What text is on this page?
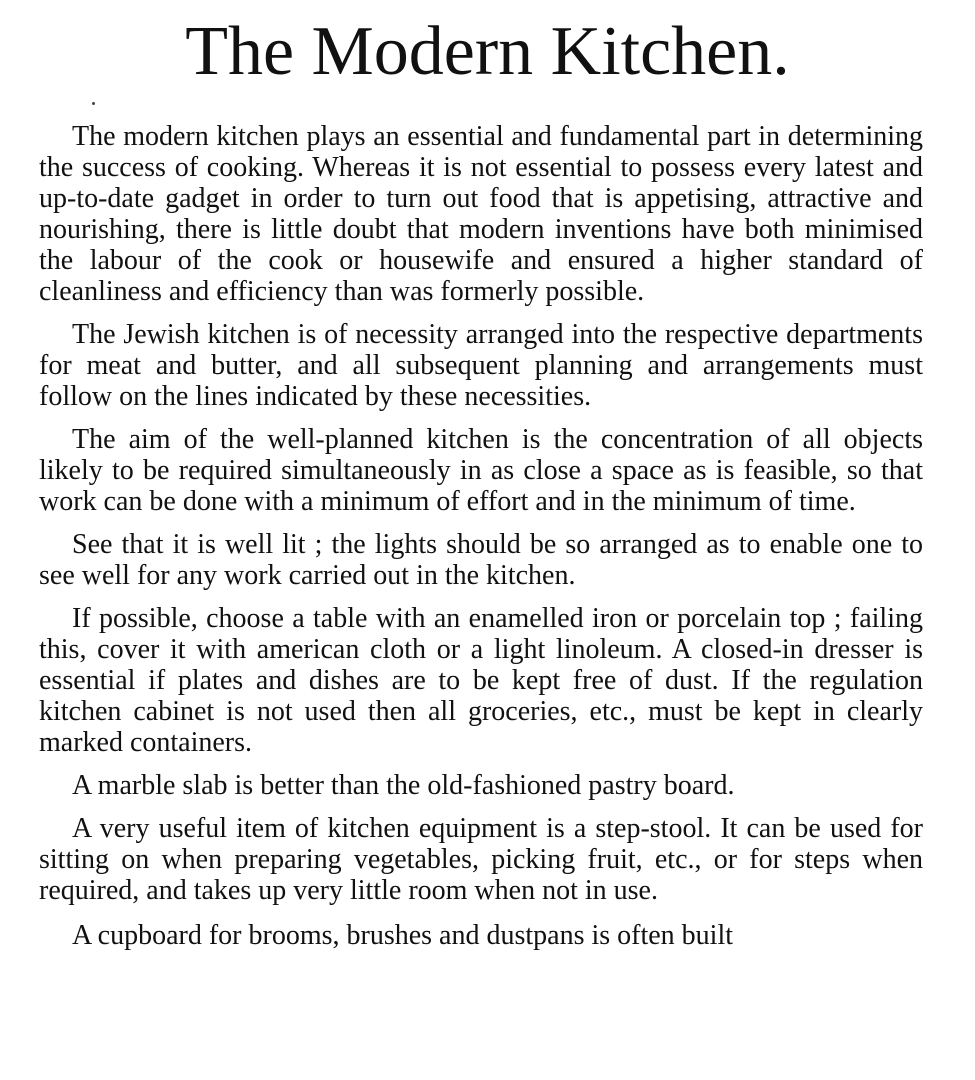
The Modern Kitchen.

The modern kitchen plays an essential and fundamental part in determining the success of cooking. Whereas it is not essential to possess every latest and up-to-date gadget in order to turn out food that is appetising, attractive and nourishing, there is little doubt that modern inventions have both minimised the labour of the cook or housewife and ensured a higher standard of cleanliness and efficiency than was formerly possible.

The Jewish kitchen is of necessity arranged into the respective departments for meat and butter, and all subsequent planning and arrangements must follow on the lines indicated by these necessities.

The aim of the well-planned kitchen is the concentration of all objects likely to be required simultaneously in as close a space as is feasible, so that work can be done with a minimum of effort and in the minimum of time.

See that it is well lit ; the lights should be so arranged as to enable one to see well for any work carried out in the kitchen.

If possible, choose a table with an enamelled iron or porcelain top ; failing this, cover it with american cloth or a light linoleum. A closed-in dresser is essential if plates and dishes are to be kept free of dust. If the regulation kitchen cabinet is not used then all groceries, etc., must be kept in clearly marked containers.

A marble slab is better than the old-fashioned pastry board.

A very useful item of kitchen equipment is a step-stool. It can be used for sitting on when preparing vegetables, picking fruit, etc., or for steps when required, and takes up very little room when not in use.

A cupboard for brooms, brushes and dustpans is often built
